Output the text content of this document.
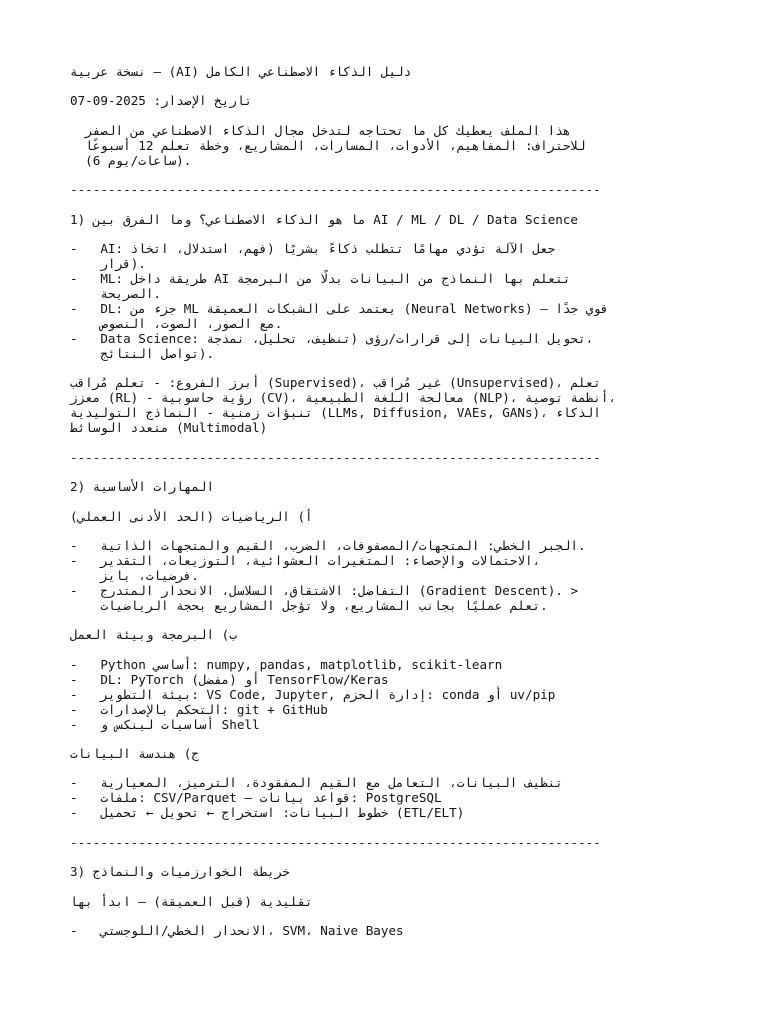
نسخة عربية — (AI) دليل الذكاء الاصطناعي الكامل
تاريخ الإصدار: 2025-09-07
هذا الملف يعطيك كل ما تحتاجه لتدخل مجال الذكاء الاصطناعي من الصفر
للاحتراف: المفاهيم، الأدوات، المسارات، المشاريع، وخطة تعلم 12 أسبوعًا
(6 ساعات/يوم).
----------------------------------------------------------------------
1) ما هو الذكاء الاصطناعي؟ وما الفرق بين AI / ML / DL / Data Science
-   AI: جعل الآلة تؤدي مهامًا تتطلب ذكاءً بشريًا (فهم، استدلال، اتخاذ
قرار).
-   ML: طريقة داخل AI تتعلم بها النماذج من البيانات بدلًا من البرمجة
الصريحة.
-   DL: جزء من ML يعتمد على الشبكات العميقة (Neural Networks) — قوي جدًا
مع الصور، الصوت، النصوص.
-   Data Science: تحويل البيانات إلى قرارات/رؤى (تنظيف، تحليل، نمذجة،
تواصل النتائج).
أبرز الفروع: - تعلم مُراقب (Supervised)، غير مُراقب (Unsupervised)، تعلم
معزز (RL) - رؤية حاسوبية (CV)، معالجة اللغة الطبيعية (NLP)، أنظمة توصية،
تنبؤات زمنية - النماذج التوليدية (LLMs, Diffusion, VAEs, GANs)، الذكاء
متعدد الوسائط (Multimodal)
----------------------------------------------------------------------
2) المهارات الأساسية
أ) الرياضيات (الحد الأدنى العملي)
-   الجبر الخطي: المتجهات/المصفوفات، الضرب، القيم والمتجهات الذاتية.
-   الاحتمالات والإحصاء: المتغيرات العشوائية، التوزيعات، التقدير،
فرضيات، بايز.
-   التفاضل: الاشتقاق، السلاسل، الانحدار المتدرج (Gradient Descent). >
تعلم عمليًا بجانب المشاريع، ولا تؤجل المشاريع بحجة الرياضيات.
ب) البرمجة وبيئة العمل
-   Python أساسي: numpy, pandas, matplotlib, scikit-learn
-   DL: PyTorch (مفضل) أو TensorFlow/Keras
-   بيئة التطوير: VS Code, Jupyter, إدارة الحزم: conda أو uv/pip
-   التحكم بالإصدارات: git + GitHub
-   أساسيات لينكس و Shell
ج) هندسة البيانات
-   تنظيف البيانات، التعامل مع القيم المفقودة، الترميز، المعيارية
-   ملفات: CSV/Parquet — قواعد بيانات: PostgreSQL
-   خطوط البيانات: استخراج ← تحويل ← تحميل (ETL/ELT)
----------------------------------------------------------------------
3) خريطة الخوارزميات والنماذج
تقليدية (قبل العميقة) — ابدأ بها
-   الانحدار الخطي/اللوجستي، SVM، Naive Bayes
